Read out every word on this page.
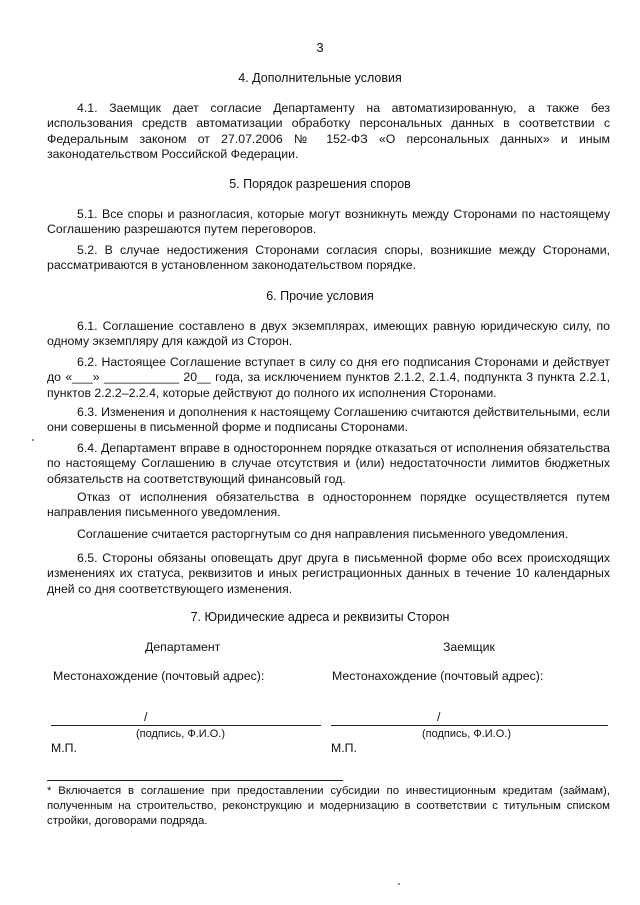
3
4. Дополнительные условия

4.1. Заемщик дает согласие Департаменту на автоматизированную, а также без использования средств автоматизации обработку персональных данных в соответствии с Федеральным законом от 27.07.2006 № 152-ФЗ «О персональных данных» и иным законодательством Российской Федерации.

5. Порядок разрешения споров

5.1. Все споры и разногласия, которые могут возникнуть между Сторонами по настоящему Соглашению разрешаются путем переговоров.

5.2. В случае недостижения Сторонами согласия споры, возникшие между Сторонами, рассматриваются в установленном законодательством порядке.

6. Прочие условия

6.1. Соглашение составлено в двух экземплярах, имеющих равную юридическую силу, по одному экземпляру для каждой из Сторон.

6.2. Настоящее Соглашение вступает в силу со дня его подписания Сторонами и действует до «___» ___________ 20__ года, за исключением пунктов 2.1.2, 2.1.4, подпункта 3 пункта 2.2.1, пунктов 2.2.2–2.2.4, которые действуют до полного их исполнения Сторонами.

6.3. Изменения и дополнения к настоящему Соглашению считаются действительными, если они совершены в письменной форме и подписаны Сторонами.

6.4. Департамент вправе в одностороннем порядке отказаться от исполнения обязательства по настоящему Соглашению в случае отсутствия и (или) недостаточности лимитов бюджетных обязательств на соответствующий финансовый год.

Отказ от исполнения обязательства в одностороннем порядке осуществляется путем направления письменного уведомления.

Соглашение считается расторгнутым со дня направления письменного уведомления.

6.5. Стороны обязаны оповещать друг друга в письменной форме обо всех происходящих изменениях их статуса, реквизитов и иных регистрационных данных в течение 10 календарных дней со дня соответствующего изменения.

7. Юридические адреса и реквизиты Сторон
Департамент	Заемщик
Местонахождение (почтовый адрес):	Местонахождение (почтовый адрес):
/	/
(подпись, Ф.И.О.)	(подпись, Ф.И.О.)
М.П.	М.П.

* Включается в соглашение при предоставлении субсидии по инвестиционным кредитам (займам), полученным на строительство, реконструкцию и модернизацию в соответствии с титульным списком стройки, договорами подряда.
